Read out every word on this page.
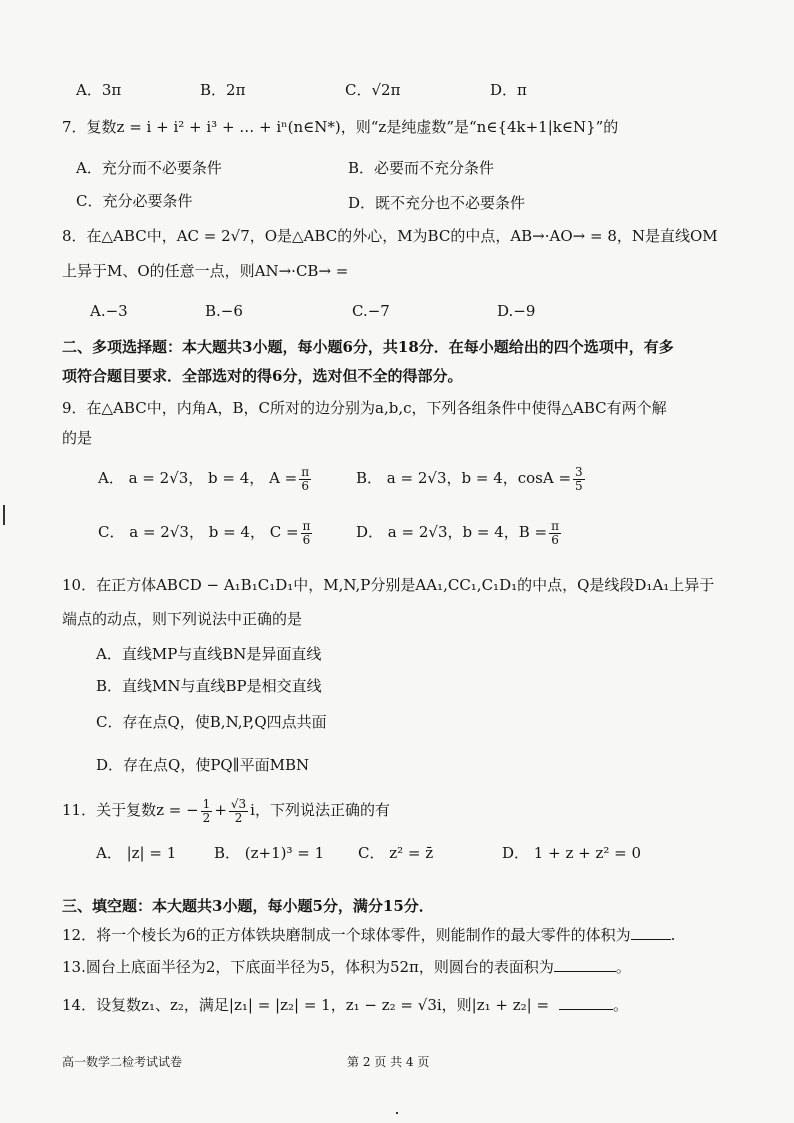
A．3π	B．2π	C．√2π	D．π
7．复数z = i + i² + i³ + … + iⁿ(n∈N*)，则“z是纯虚数”是“n∈{4k+1|k∈N}”的
A．充分而不必要条件	B．必要而不充分条件
C．充分必要条件	D．既不充分也不必要条件
8．在△ABC中，AC = 2√7，O是△ABC的外心，M为BC的中点，AB→·AO→ = 8，N是直线OM
上异于M、O的任意一点，则AN→·CB→ =
A.−3	B.−6	C.−7	D.−9
二、多项选择题：本大题共3小题，每小题6分，共18分．在每小题给出的四个选项中，有多
项符合题目要求．全部选对的得6分，选对但不全的得部分。
9．在△ABC中，内角A，B，C所对的边分别为a,b,c，下列各组条件中使得△ABC有两个解
的是
A． a = 2√3， b = 4， $A = \frac{\pi}{6}$	B． a = 2√3，b = 4，$\cos A = \frac{3}{5}$
C． a = 2√3， b = 4， $C = \frac{\pi}{6}$	D． a = 2√3，b = 4，$B = \frac{\pi}{6}$
10．在正方体ABCD − A₁B₁C₁D₁中，M,N,P分别是AA₁,CC₁,C₁D₁的中点，Q是线段D₁A₁上异于
端点的动点，则下列说法中正确的是
A．直线MP与直线BN是异面直线
B．直线MN与直线BP是相交直线
C．存在点Q，使B,N,P,Q四点共面
D．存在点Q，使PQ∥平面MBN
11．关于复数z = − $\frac{1}{2} + \frac{√3}{2}$ i，下列说法正确的有
A． |z| = 1	B． (z+1)³ = 1 C． z² = z̄	D． 1 + z + z² = 0
三、填空题：本大题共3小题，每小题5分，满分15分．
12．将一个棱长为6的正方体铁块磨制成一个球体零件，则能制作的最大零件的体积为	.
13.圆台上底面半径为2，下底面半径为5，体积为52π，则圆台的表面积为	。
14．设复数z₁、z₂，满足|z₁| = |z₂| = 1，z₁ − z₂ = √3i，则|z₁ + z₂| =	。
高一数学二检考试试卷	第 2 页 共 4 页
